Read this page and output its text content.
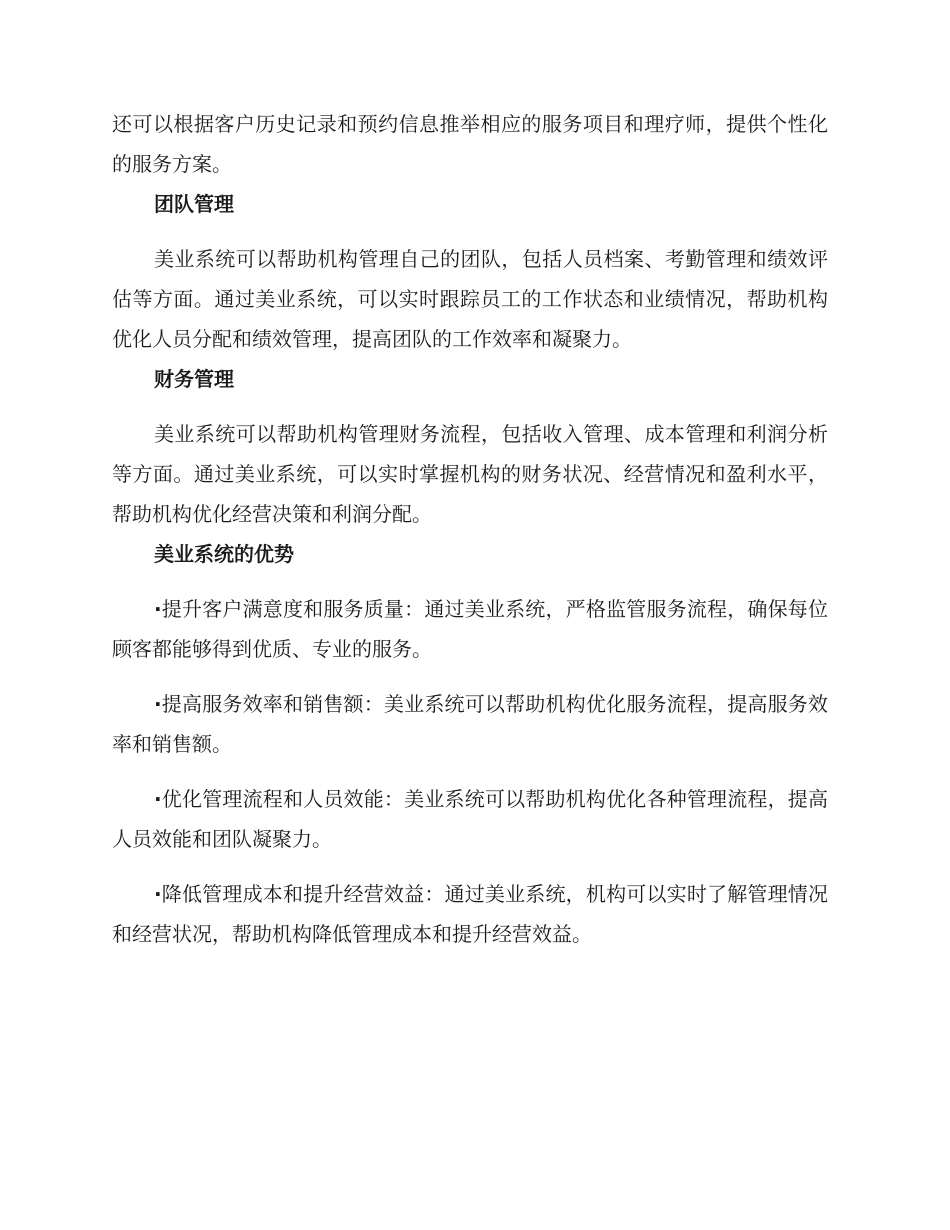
还可以根据客户历史记录和预约信息推举相应的服务项目和理疗师，提供个性化的服务方案。

团队管理

美业系统可以帮助机构管理自己的团队，包括人员档案、考勤管理和绩效评估等方面。通过美业系统，可以实时跟踪员工的工作状态和业绩情况，帮助机构优化人员分配和绩效管理，提高团队的工作效率和凝聚力。

财务管理

美业系统可以帮助机构管理财务流程，包括收入管理、成本管理和利润分析等方面。通过美业系统，可以实时掌握机构的财务状况、经营情况和盈利水平，帮助机构优化经营决策和利润分配。

美业系统的优势

·提升客户满意度和服务质量：通过美业系统，严格监管服务流程，确保每位顾客都能够得到优质、专业的服务。

·提高服务效率和销售额：美业系统可以帮助机构优化服务流程，提高服务效率和销售额。

·优化管理流程和人员效能：美业系统可以帮助机构优化各种管理流程，提高人员效能和团队凝聚力。

·降低管理成本和提升经营效益：通过美业系统，机构可以实时了解管理情况和经营状况，帮助机构降低管理成本和提升经营效益。
